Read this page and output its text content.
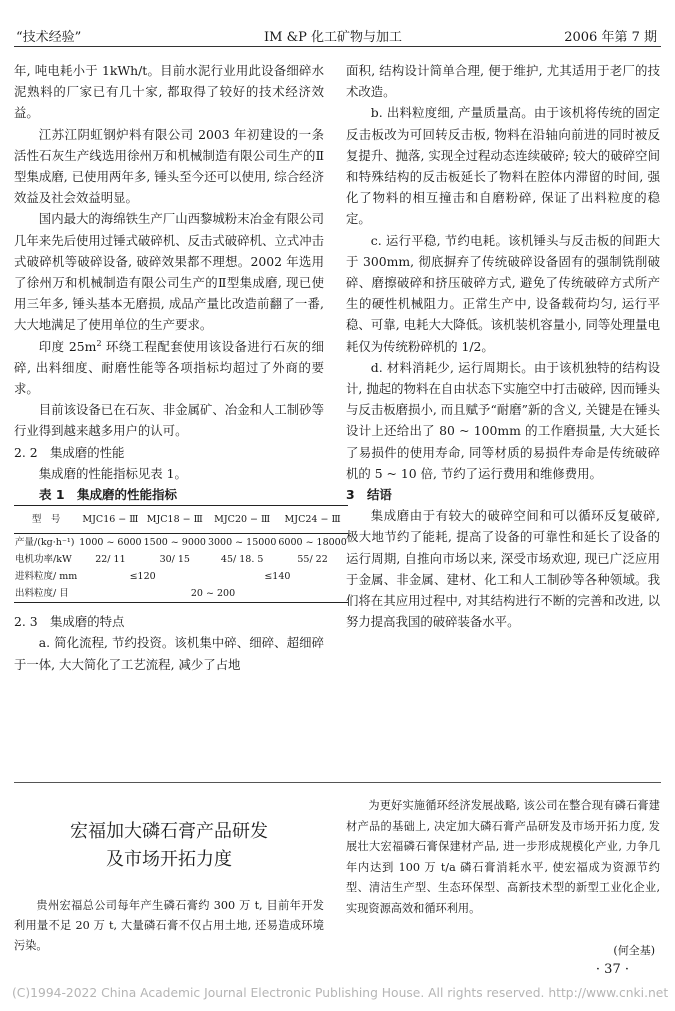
“技术经验”	IM &P 化工矿物与加工	2006 年第 7 期

年, 吨电耗小于 1kWh/t。目前水泥行业用此设备细碎水泥熟料的厂家已有几十家, 都取得了较好的技术经济效益。

江苏江阴虹钢炉料有限公司 2003 年初建设的一条活性石灰生产线选用徐州万和机械制造有限公司生产的Ⅱ型集成磨, 已使用两年多, 锤头至今还可以使用, 综合经济效益及社会效益明显。

国内最大的海绵铁生产厂山西黎城粉末冶金有限公司几年来先后使用过锤式破碎机、反击式破碎机、立式冲击式破碎机等破碎设备, 破碎效果都不理想。2002 年选用了徐州万和机械制造有限公司生产的Ⅱ型集成磨, 现已使用三年多, 锤头基本无磨损, 成品产量比改造前翻了一番, 大大地满足了使用单位的生产要求。

印度 $25m^2$ 环绕工程配套使用该设备进行石灰的细碎, 出料细度、耐磨性能等各项指标均超过了外商的要求。

目前该设备已在石灰、非金属矿、冶金和人工制砂等行业得到越来越多用户的认可。

2. 2　集成磨的性能

集成磨的性能指标见表 1。

表 1　集成磨的性能指标

型　号	MJC16 − Ⅲ	MJC18 − Ⅲ	MJC20 − Ⅲ	MJC24 − Ⅲ
产量/(kg·h⁻¹)	1000 ~ 6000	1500 ~ 9000	3000 ~ 15000	6000 ~ 18000
电机功率/kW	22/ 11	30/ 15	45/ 18. 5	55/ 22
进料粒度/ mm	≤120		≤140	
出料粒度/ 目	20 ~ 200			

2. 3　集成磨的特点

a. 简化流程, 节约投资。该机集中碎、细碎、超细碎于一体, 大大简化了工艺流程, 减少了占地

面积, 结构设计简单合理, 便于维护, 尤其适用于老厂的技术改造。

b. 出料粒度细, 产量质量高。由于该机将传统的固定反击板改为可回转反击板, 物料在沿轴向前进的同时被反复提升、抛落, 实现全过程动态连续破碎; 较大的破碎空间和特殊结构的反击板延长了物料在腔体内滞留的时间, 强化了物料的相互撞击和自磨粉碎, 保证了出料粒度的稳定。

c. 运行平稳, 节约电耗。该机锤头与反击板的间距大于 300mm, 彻底摒弃了传统破碎设备固有的强制铣削破碎、磨擦破碎和挤压破碎方式, 避免了传统破碎方式所产生的硬性机械阻力。正常生产中, 设备载荷均匀, 运行平稳、可靠, 电耗大大降低。该机装机容量小, 同等处理量电耗仅为传统粉碎机的 1/2。

d. 材料消耗少, 运行周期长。由于该机独特的结构设计, 抛起的物料在自由状态下实施空中打击破碎, 因而锤头与反击板磨损小, 而且赋予“耐磨”新的含义, 关键是在锤头设计上还给出了 80 ~ 100mm 的工作磨损量, 大大延长了易损件的使用寿命, 同等材质的易损件寿命是传统破碎机的 5 ~ 10 倍, 节约了运行费用和维修费用。

3　结语

集成磨由于有较大的破碎空间和可以循环反复破碎, 极大地节约了能耗, 提高了设备的可靠性和延长了设备的运行周期, 自推向市场以来, 深受市场欢迎, 现已广泛应用于金属、非金属、建材、化工和人工制砂等各种领域。我们将在其应用过程中, 对其结构进行不断的完善和改进, 以努力提高我国的破碎装备水平。

宏福加大磷石膏产品研发
及市场开拓力度

贵州宏福总公司每年产生磷石膏约 300 万 t, 目前年开发利用量不足 20 万 t, 大量磷石膏不仅占用土地, 还易造成环境污染。

为更好实施循环经济发展战略, 该公司在整合现有磷石膏建材产品的基础上, 决定加大磷石膏产品研发及市场开拓力度, 发展壮大宏福磷石膏保建材产品, 进一步形成规模化产业, 力争几年内达到 100 万 t/a 磷石膏消耗水平, 使宏福成为资源节约型、清洁生产型、生态环保型、高新技术型的新型工业化企业, 实现资源高效和循环利用。

(何全基)
· 37 ·
(C)1994-2022 China Academic Journal Electronic Publishing House. All rights reserved. http://www.cnki.net
